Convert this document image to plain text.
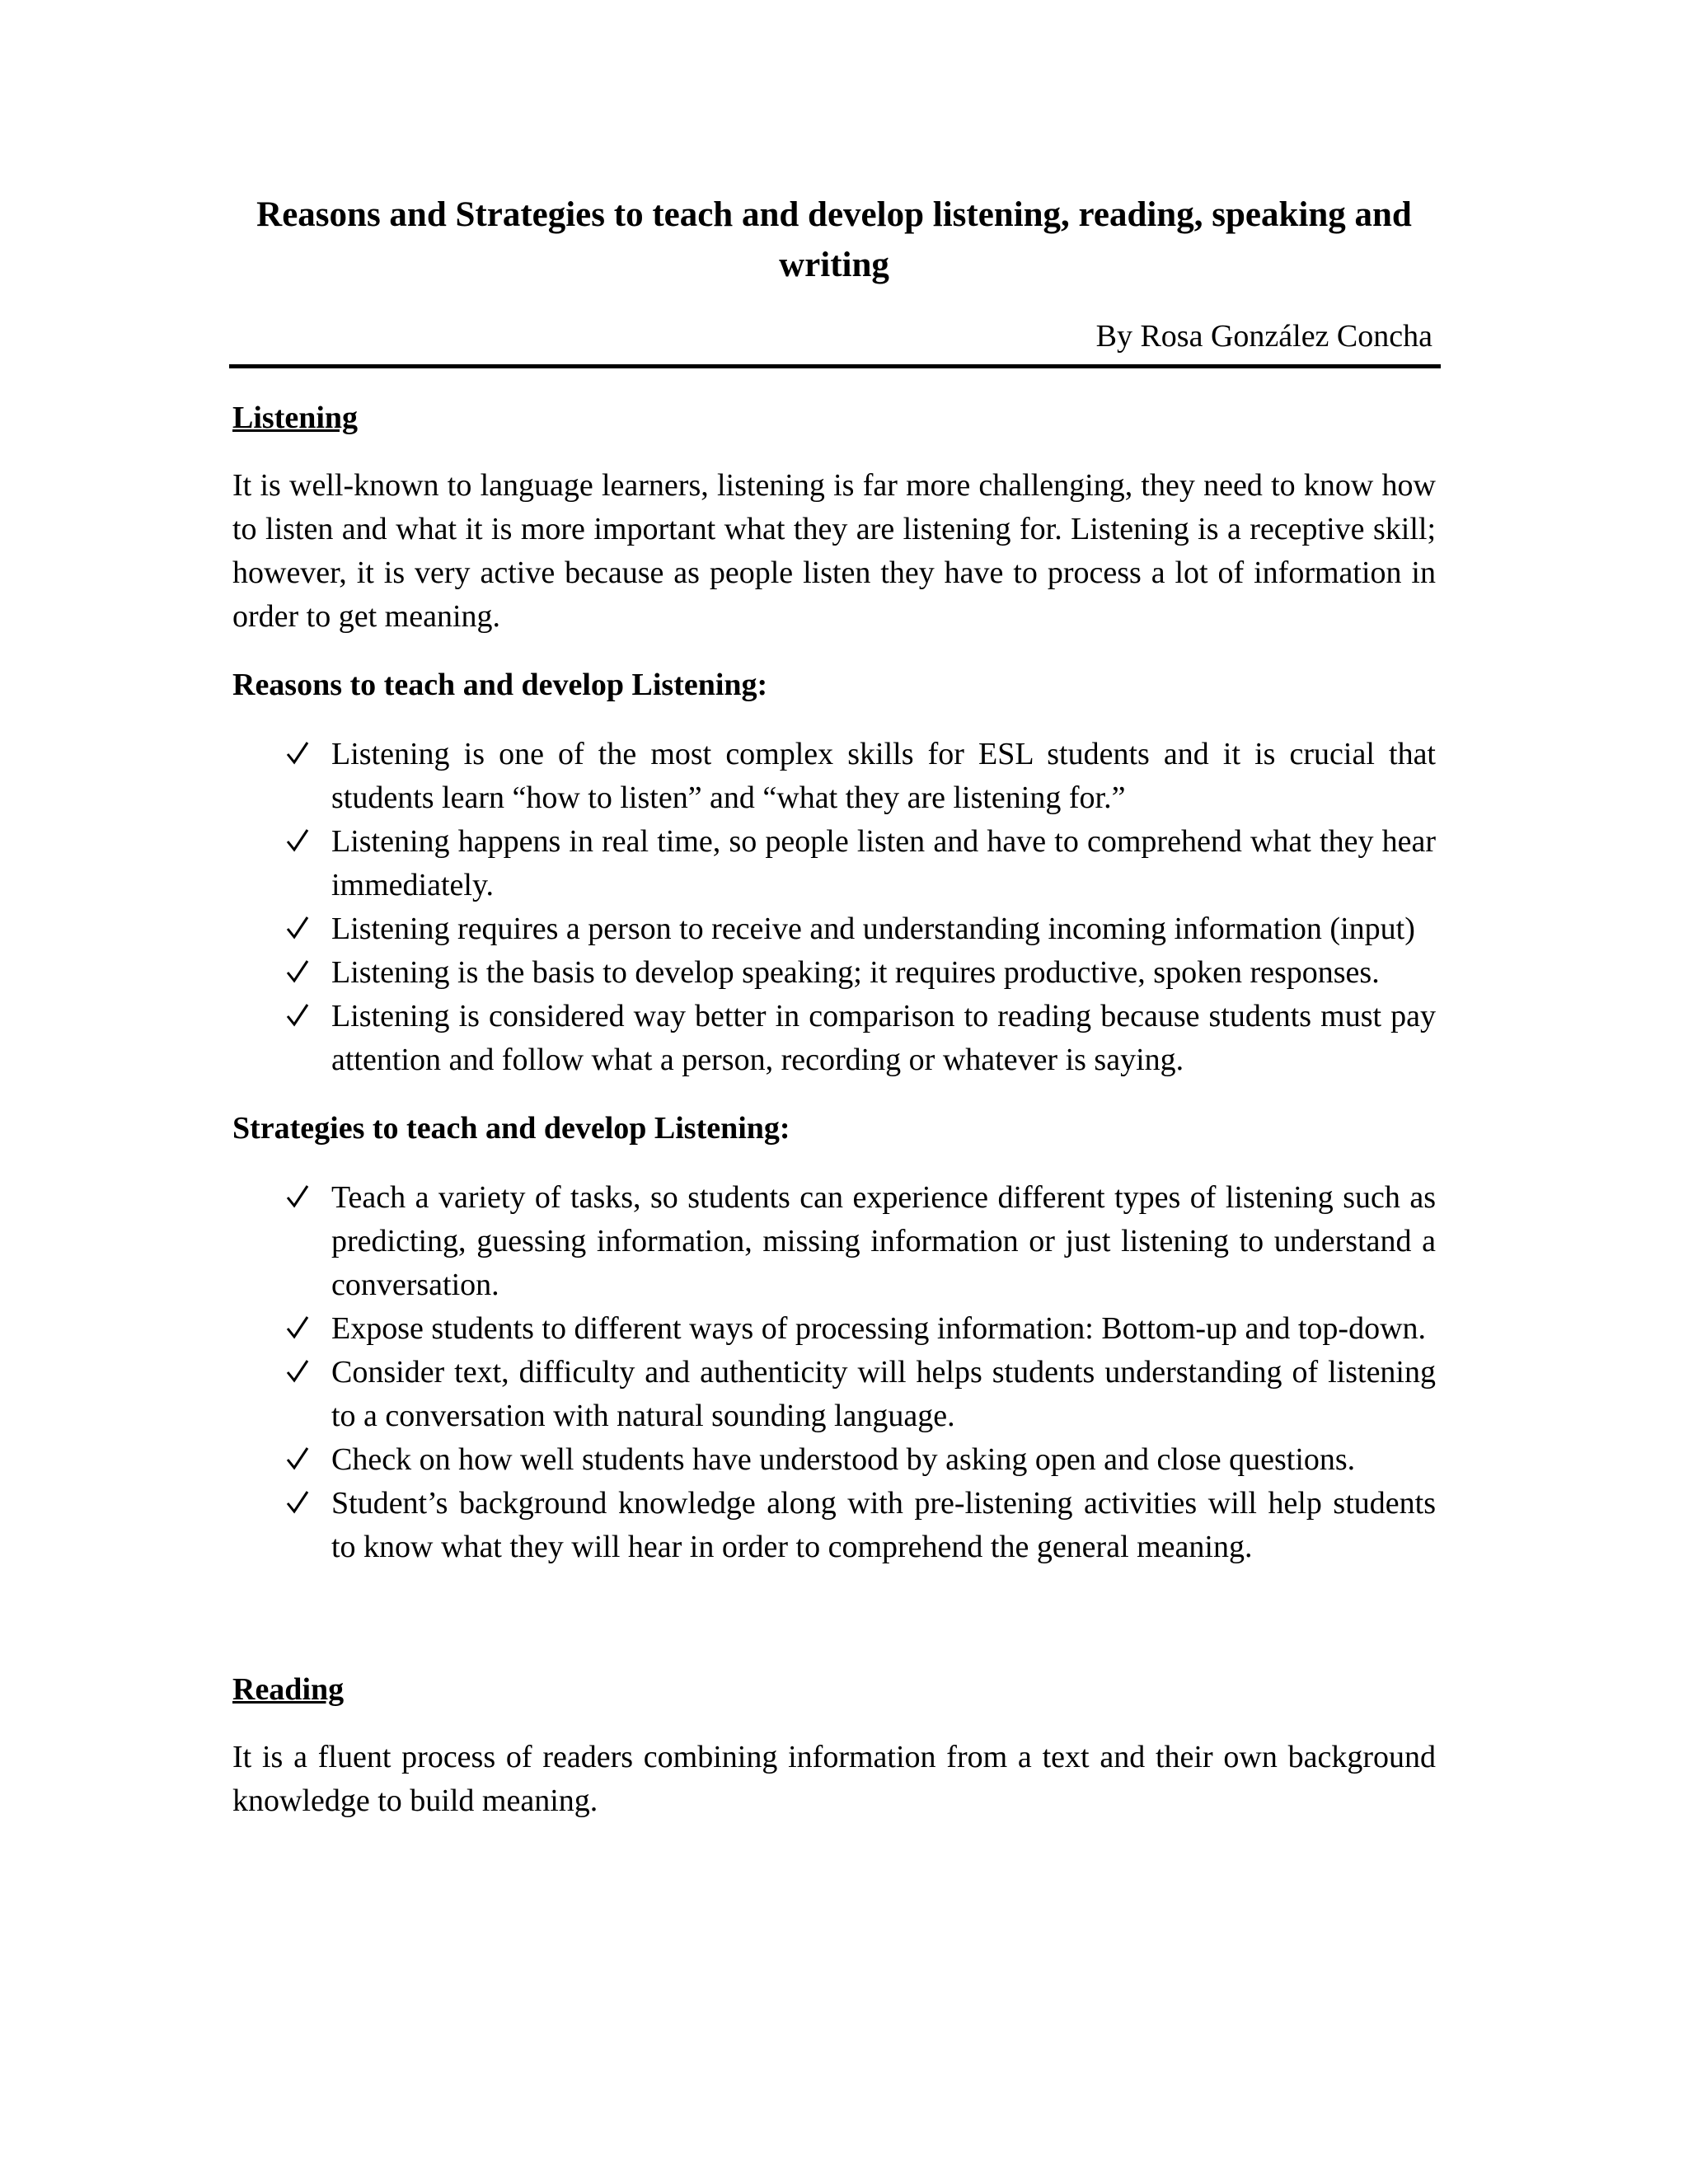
Reasons and Strategies to teach and develop listening, reading, speaking and writing
By Rosa González Concha
Listening

It is well-known to language learners, listening is far more challenging, they need to know how to listen and what it is more important what they are listening for. Listening is a receptive skill; however, it is very active because as people listen they have to process a lot of information in order to get meaning.

Reasons to teach and develop Listening:
Listening is one of the most complex skills for ESL students and it is crucial that students learn “how to listen” and “what they are listening for.”
Listening happens in real time, so people listen and have to comprehend what they hear immediately.
Listening requires a person to receive and understanding incoming information (input)
Listening is the basis to develop speaking; it requires productive, spoken responses.
Listening is considered way better in comparison to reading because students must pay attention and follow what a person, recording or whatever is saying.
Strategies to teach and develop Listening:
Teach a variety of tasks, so students can experience different types of listening such as predicting, guessing information, missing information or just listening to understand a conversation.
Expose students to different ways of processing information: Bottom-up and top-down.
Consider text, difficulty and authenticity will helps students understanding of listening to a conversation with natural sounding language.
Check on how well students have understood by asking open and close questions.
Student’s background knowledge along with pre-listening activities will help students to know what they will hear in order to comprehend the general meaning.
Reading

It is a fluent process of readers combining information from a text and their own background knowledge to build meaning.
